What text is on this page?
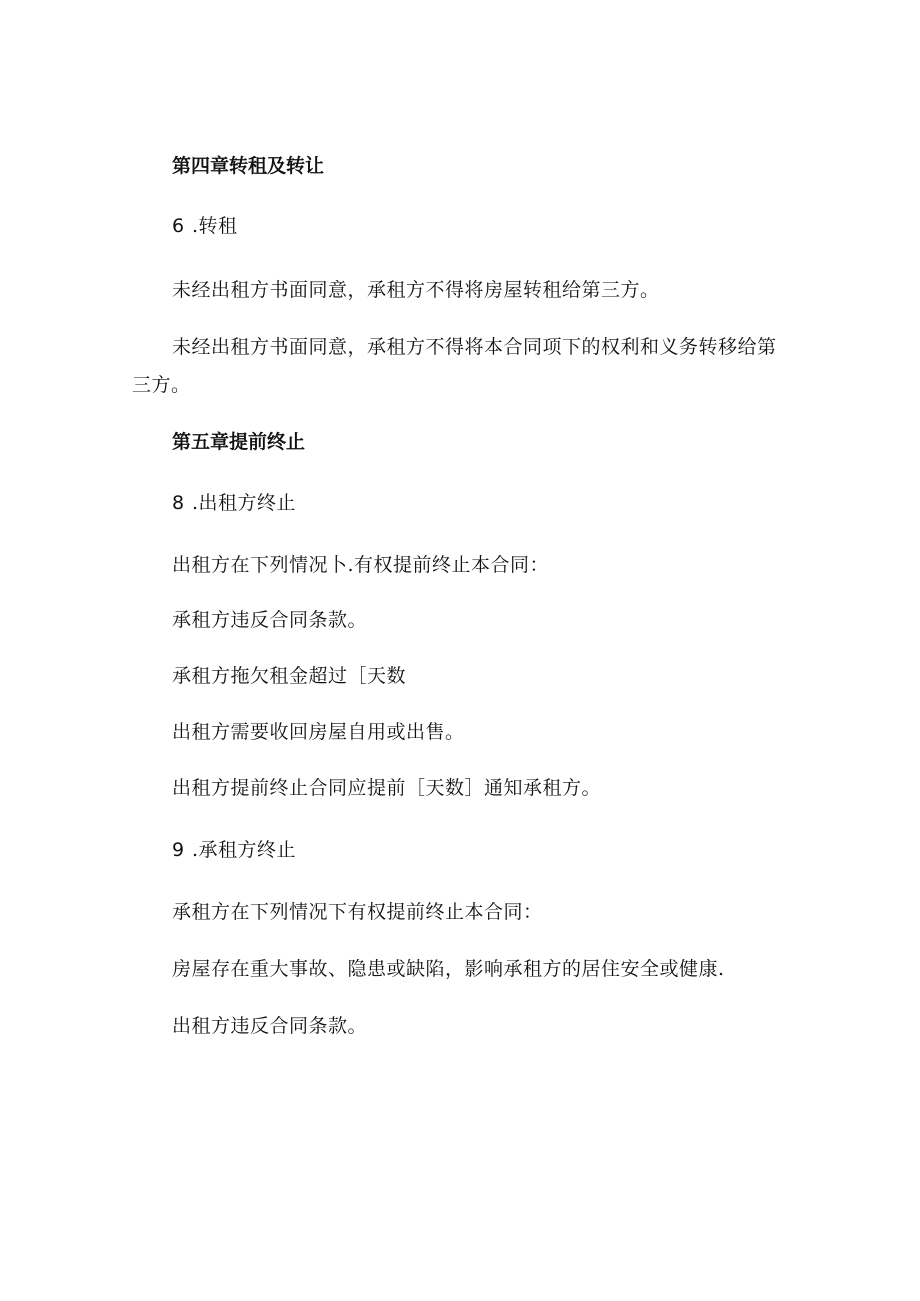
第四章转租及转让
6 .转租
未经出租方书面同意，承租方不得将房屋转租给第三方。
未经出租方书面同意，承租方不得将本合同项下的权利和义务转移给第三方。
第五章提前终止
8 .出租方终止
出租方在下列情况卜.有权提前终止本合同：
承租方违反合同条款。
承租方拖欠租金超过［天数
出租方需要收回房屋自用或出售。
出租方提前终止合同应提前［天数］通知承租方。
9 .承租方终止
承租方在下列情况下有权提前终止本合同：
房屋存在重大事故、隐患或缺陷，影响承租方的居住安全或健康.
出租方违反合同条款。
